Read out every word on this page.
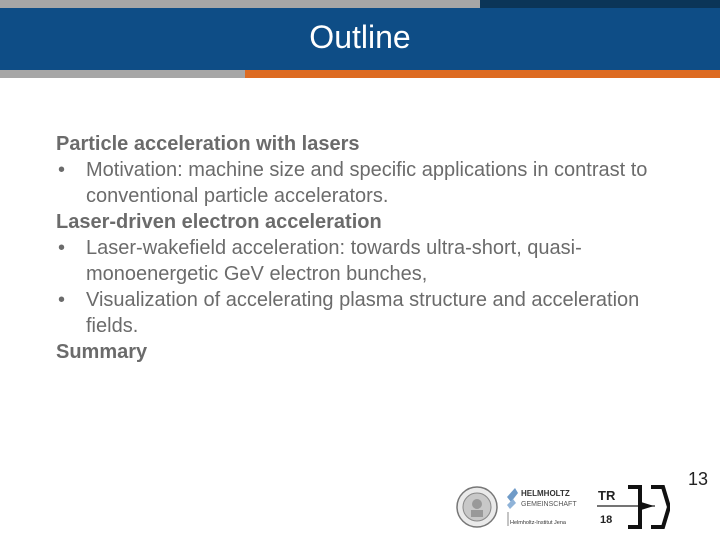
Outline
Particle acceleration with lasers
• Motivation: machine size and specific applications in contrast to conventional particle accelerators.
Laser-driven electron acceleration
• Laser-wakefield acceleration: towards ultra-short, quasi-monoenergetic GeV electron bunches,
• Visualization of accelerating plasma structure and acceleration fields.
Summary
HELMHOLTZ
GEMEINSCHAFT
Helmholtz-Institut Jena
TR
18
13
